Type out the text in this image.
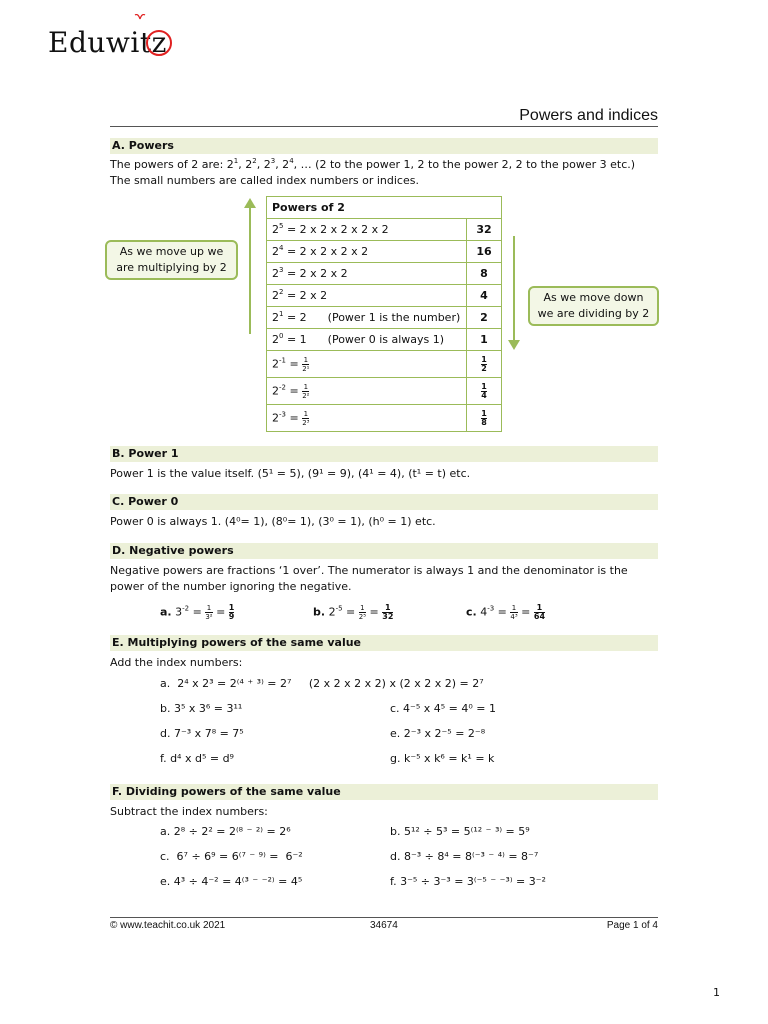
Eduwitz
Powers and indices
A. Powers
The powers of 2 are: $2^1$, $2^2$, $2^3$, $2^4$, … (2 to the power 1, 2 to the power 2, 2 to the power 3 etc.)
The small numbers are called index numbers or indices.
Powers of 2	
$2^5 = 2$ x 2 x 2 x 2 x 2	32
$2^4 = 2$ x 2 x 2 x 2	16
$2^3 = 2$ x 2 x 2	8
$2^2 = 2$ x 2	4
$2^1 = 2$      (Power 1 is the number)	2
$2^0 = 1$      (Power 0 is always 1)	1
$2^{-1} = \frac{1}{\text{2¹}}$	$\frac{1}{2}$

$2^{-2} = \frac{1}{\text{2²}}$	$\frac{1}{4}$

$2^{-3} = \frac{1}{\text{2³}}$	$\frac{1}{8}$
As we move up we are multiplying by 2
As we move down we are dividing by 2
B. Power 1
Power 1 is the value itself. (5¹ = 5), (9¹ = 9), (4¹ = 4), (t¹ = t) etc.
C. Power 0
Power 0 is always 1. (4⁰= 1), (8⁰= 1), (3⁰ = 1), (h⁰ = 1) etc.
D. Negative powers
Negative powers are fractions ‘1 over’. The numerator is always 1 and the denominator is the
power of the number ignoring the negative.
a. $3^{-2} = \frac{1}{\text{3²}} = \frac{1}{9}$	b. $2^{-5} = \frac{1}{\text{2⁵}} = \frac{1}{32}$	c. $4^{-3} = \frac{1}{\text{4³}} = \frac{1}{64}$
E. Multiplying powers of the same value
Add the index numbers:
a.  2⁴ x 2³ = 2⁽⁴ ⁺ ³⁾ = 2⁷     (2 x 2 x 2 x 2) x (2 x 2 x 2) = 2⁷
b. 3⁵ x 3⁶ = 3¹¹	c. 4⁻⁵ x 4⁵ = 4⁰ = 1
d. 7⁻³ x 7⁸ = 7⁵	e. 2⁻³ x 2⁻⁵ = 2⁻⁸
f. d⁴ x d⁵ = d⁹	g. k⁻⁵ x k⁶ = k¹ = k
F. Dividing powers of the same value
Subtract the index numbers:
a. 2⁸ ÷ 2² = 2⁽⁸ ⁻ ²⁾ = 2⁶	b. 5¹² ÷ 5³ = 5⁽¹² ⁻ ³⁾ = 5⁹
c.  6⁷ ÷ 6⁹ = 6⁽⁷ ⁻ ⁹⁾ =  6⁻²	d. 8⁻³ ÷ 8⁴ = 8⁽⁻³ ⁻ ⁴⁾ = 8⁻⁷
e. 4³ ÷ 4⁻² = 4⁽³ ⁻ ⁻²⁾ = 4⁵	f. 3⁻⁵ ÷ 3⁻³ = 3⁽⁻⁵ ⁻ ⁻³⁾ = 3⁻²
© www.teachit.co.uk 2021	34674	Page 1 of 4
1
